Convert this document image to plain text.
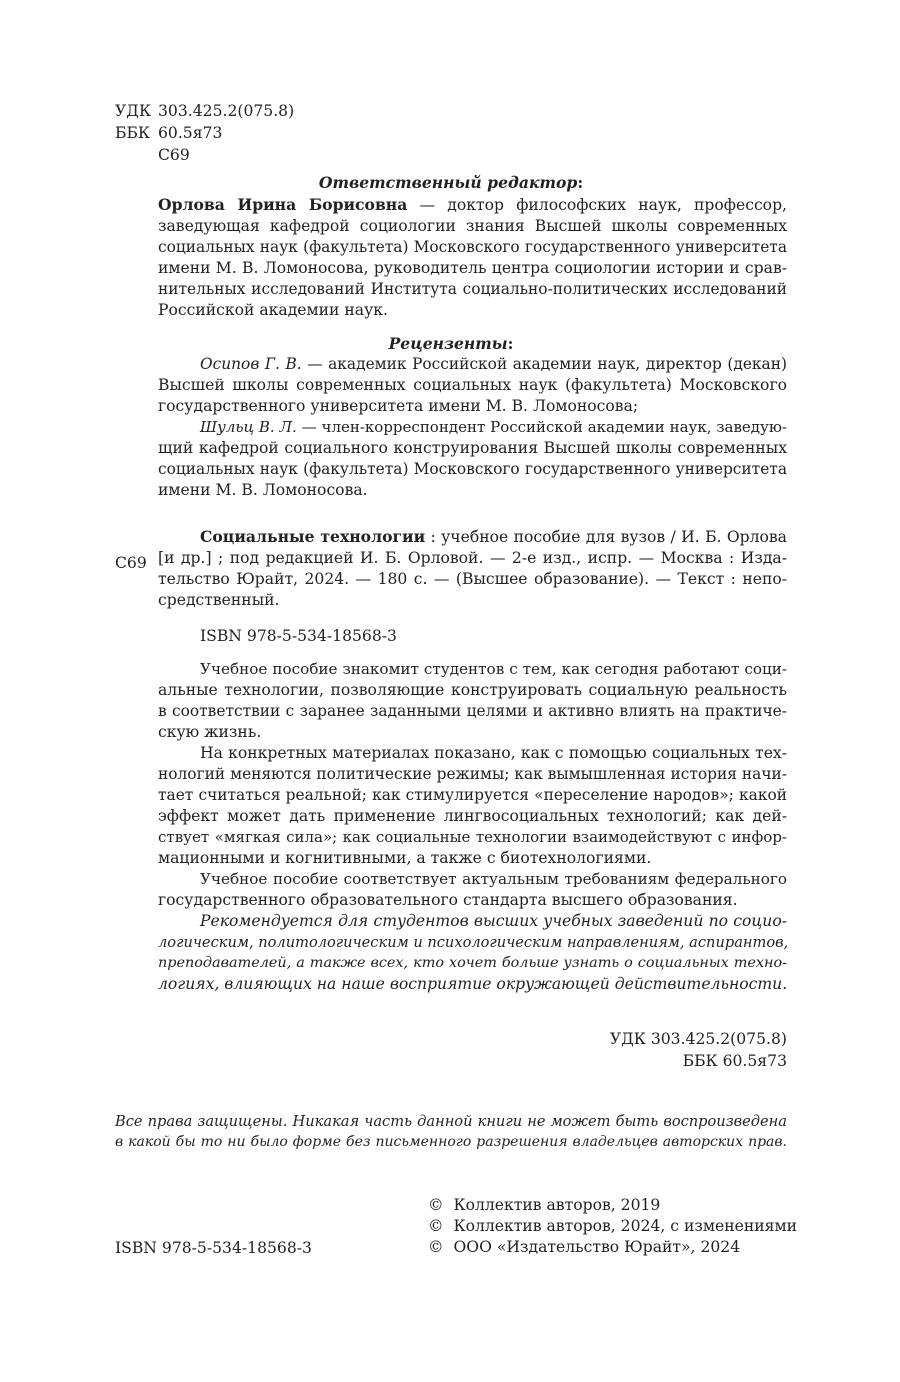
УДК 303.425.2(075.8)
ББК 60.5я73
С69
Ответственный редактор:
Орлова Ирина Борисовна — доктор философских наук, профессор,
заведующая кафедрой социологии знания Высшей школы современных
социальных наук (факультета) Московского государственного университета
имени М. В. Ломоносова, руководитель центра социологии истории и срав-
нительных исследований Института социально-политических исследований
Российской академии наук.
Рецензенты:
Осипов Г. В. — академик Российской академии наук, директор (декан)
Высшей школы современных социальных наук (факультета) Московского
государственного университета имени М. В. Ломоносова;
Шульц В. Л. — член-корреспондент Российской академии наук, заведую-
щий кафедрой социального конструирования Высшей школы современных
социальных наук (факультета) Московского государственного университета
имени М. В. Ломоносова.
С69
Социальные технологии : учебное пособие для вузов / И. Б. Орлова
[и др.] ; под редакцией И. Б. Орловой. — 2-е изд., испр. — Москва : Изда-
тельство Юрайт, 2024. — 180 с. — (Высшее образование). — Текст : непо-
средственный.
ISBN 978-5-534-18568-3
Учебное пособие знакомит студентов с тем, как сегодня работают соци-
альные технологии, позволяющие конструировать социальную реальность
в соответствии с заранее заданными целями и активно влиять на практиче-
скую жизнь.
На конкретных материалах показано, как с помощью социальных тех-
нологий меняются политические режимы; как вымышленная история начи-
тает считаться реальной; как стимулируется «переселение народов»; какой
эффект может дать применение лингвосоциальных технологий; как дей-
ствует «мягкая сила»; как социальные технологии взаимодействуют с инфор-
мационными и когнитивными, а также с биотехнологиями.
Учебное пособие соответствует актуальным требованиям федерального
государственного образовательного стандарта высшего образования.
Рекомендуется для студентов высших учебных заведений по социо-
логическим, политологическим и психологическим направлениям, аспирантов,
преподавателей, а также всех, кто хочет больше узнать о социальных техно-
логиях, влияющих на наше восприятие окружающей действительности.
УДК 303.425.2(075.8)
ББК 60.5я73
Все права защищены. Никакая часть данной книги не может быть воспроизведена
в какой бы то ни было форме без письменного разрешения владельцев авторских прав.
ISBN 978-5-534-18568-3
© Коллектив авторов, 2019
© Коллектив авторов, 2024, с изменениями
© ООО «Издательство Юрайт», 2024
